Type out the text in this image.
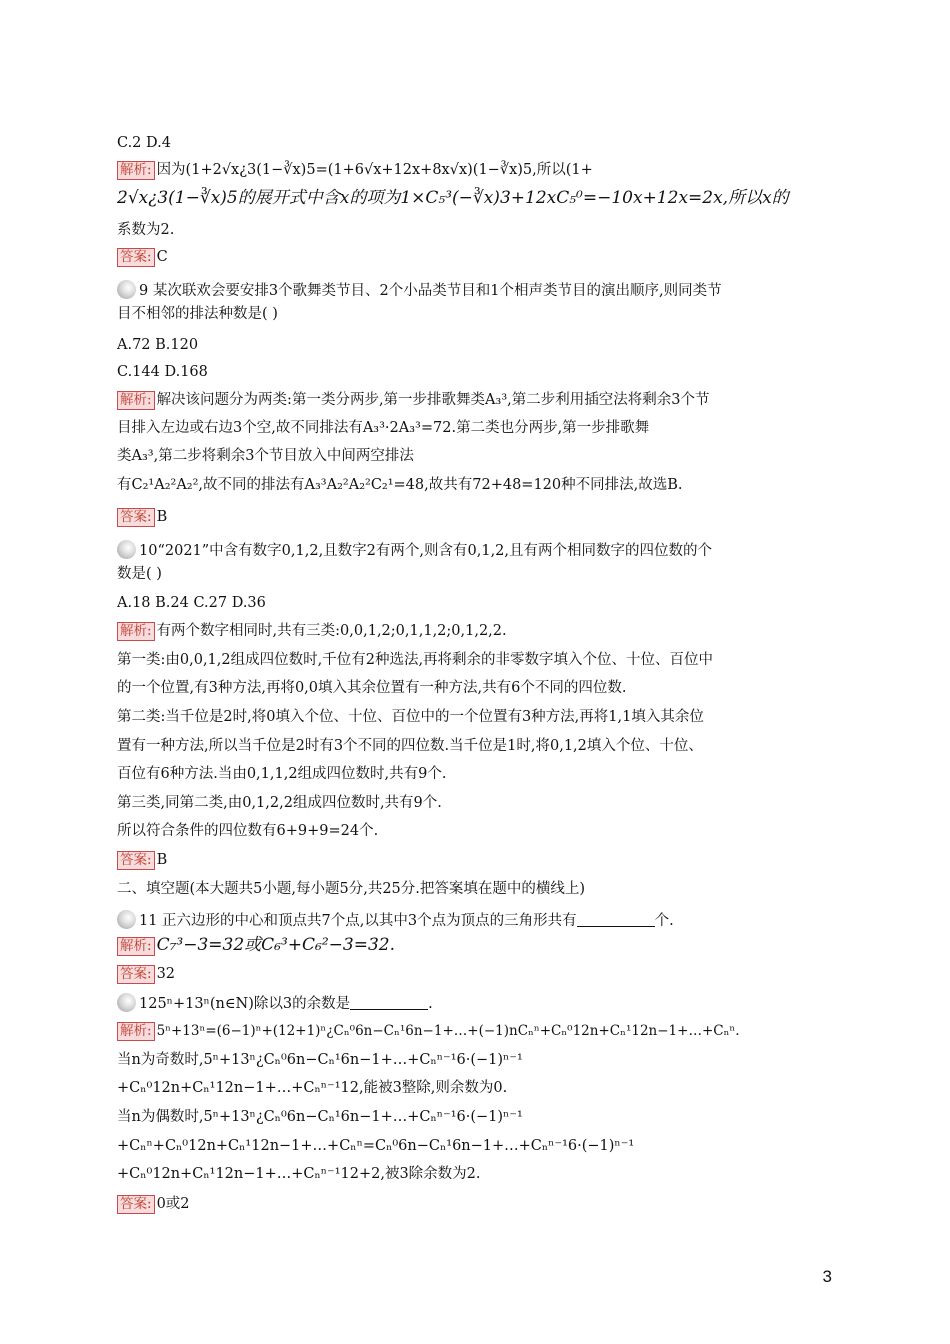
C.2 D.4
解析: 因为(1+2√x¿3(1−∛x)5=(1+6√x+12x+8x√x)(1−∛x)5,所以(1+
2√x¿3(1−∛x)5的展开式中含x的项为1×C₅³(−∛x)3+12xC₅⁰=−10x+12x=2x,所以x的
系数为2.
答案: C
9 某次联欢会要安排3个歌舞类节目、2个小品类节目和1个相声类节目的演出顺序,则同类节
目不相邻的排法种数是( )
A.72 B.120
C.144 D.168
解析: 解决该问题分为两类:第一类分两步,第一步排歌舞类A₃³,第二步利用插空法将剩余3个节
目排入左边或右边3个空,故不同排法有A₃³·2A₃³=72.第二类也分两步,第一步排歌舞
类A₃³,第二步将剩余3个节目放入中间两空排法
有C₂¹A₂²A₂²,故不同的排法有A₃³A₂²A₂²C₂¹=48,故共有72+48=120种不同排法,故选B.
答案: B
10“2021”中含有数字0,1,2,且数字2有两个,则含有0,1,2,且有两个相同数字的四位数的个
数是( )
A.18 B.24 C.27 D.36
解析: 有两个数字相同时,共有三类:0,0,1,2;0,1,1,2;0,1,2,2.
第一类:由0,0,1,2组成四位数时,千位有2种选法,再将剩余的非零数字填入个位、十位、百位中
的一个位置,有3种方法,再将0,0填入其余位置有一种方法,共有6个不同的四位数.
第二类:当千位是2时,将0填入个位、十位、百位中的一个位置有3种方法,再将1,1填入其余位
置有一种方法,所以当千位是2时有3个不同的四位数.当千位是1时,将0,1,2填入个位、十位、
百位有6种方法.当由0,1,1,2组成四位数时,共有9个.
第三类,同第二类,由0,1,2,2组成四位数时,共有9个.
所以符合条件的四位数有6+9+9=24个.
答案: B
二、填空题(本大题共5小题,每小题5分,共25分.把答案填在题中的横线上)
11 正六边形的中心和顶点共7个点,以其中3个点为顶点的三角形共有	个.
解析: C₇³−3=32或C₆³+C₆²−3=32.
答案: 32
125ⁿ+13ⁿ(n∈N)除以3的余数是	.
解析: 5ⁿ+13ⁿ=(6−1)ⁿ+(12+1)ⁿ¿Cₙ⁰6n−Cₙ¹6n−1+…+(−1)nCₙⁿ+Cₙ⁰12n+Cₙ¹12n−1+…+Cₙⁿ.
当n为奇数时,5ⁿ+13ⁿ¿Cₙ⁰6n−Cₙ¹6n−1+…+Cₙⁿ⁻¹6·(−1)ⁿ⁻¹
+Cₙ⁰12n+Cₙ¹12n−1+…+Cₙⁿ⁻¹12,能被3整除,则余数为0.
当n为偶数时,5ⁿ+13ⁿ¿Cₙ⁰6n−Cₙ¹6n−1+…+Cₙⁿ⁻¹6·(−1)ⁿ⁻¹
+Cₙⁿ+Cₙ⁰12n+Cₙ¹12n−1+…+Cₙⁿ=Cₙ⁰6n−Cₙ¹6n−1+…+Cₙⁿ⁻¹6·(−1)ⁿ⁻¹
+Cₙ⁰12n+Cₙ¹12n−1+…+Cₙⁿ⁻¹12+2,被3除余数为2.
答案: 0或2
3
